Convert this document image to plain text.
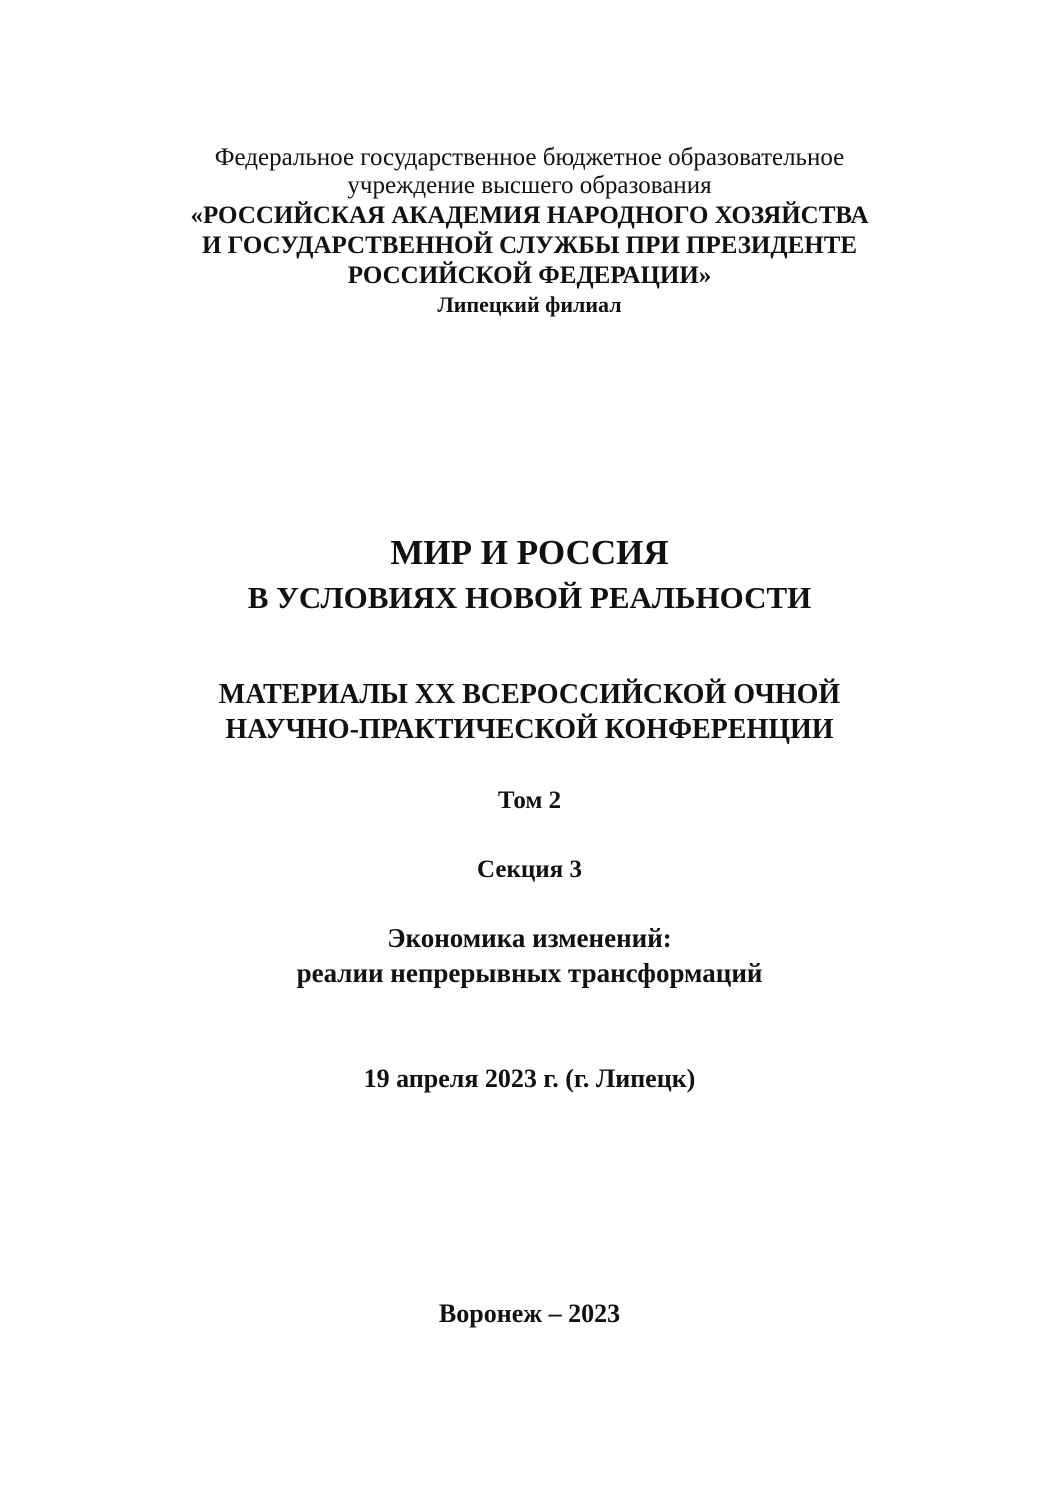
Федеральное государственное бюджетное образовательное
учреждение высшего образования
«РОССИЙСКАЯ АКАДЕМИЯ НАРОДНОГО ХОЗЯЙСТВА
И ГОСУДАРСТВЕННОЙ СЛУЖБЫ ПРИ ПРЕЗИДЕНТЕ
РОССИЙСКОЙ ФЕДЕРАЦИИ»
Липецкий филиал
МИР И РОССИЯ
В УСЛОВИЯХ НОВОЙ РЕАЛЬНОСТИ
МАТЕРИАЛЫ XX ВСЕРОССИЙСКОЙ ОЧНОЙ
НАУЧНО-ПРАКТИЧЕСКОЙ КОНФЕРЕНЦИИ
Том 2
Секция 3
Экономика изменений:
реалии непрерывных трансформаций
19 апреля 2023 г. (г. Липецк)
Воронеж – 2023
